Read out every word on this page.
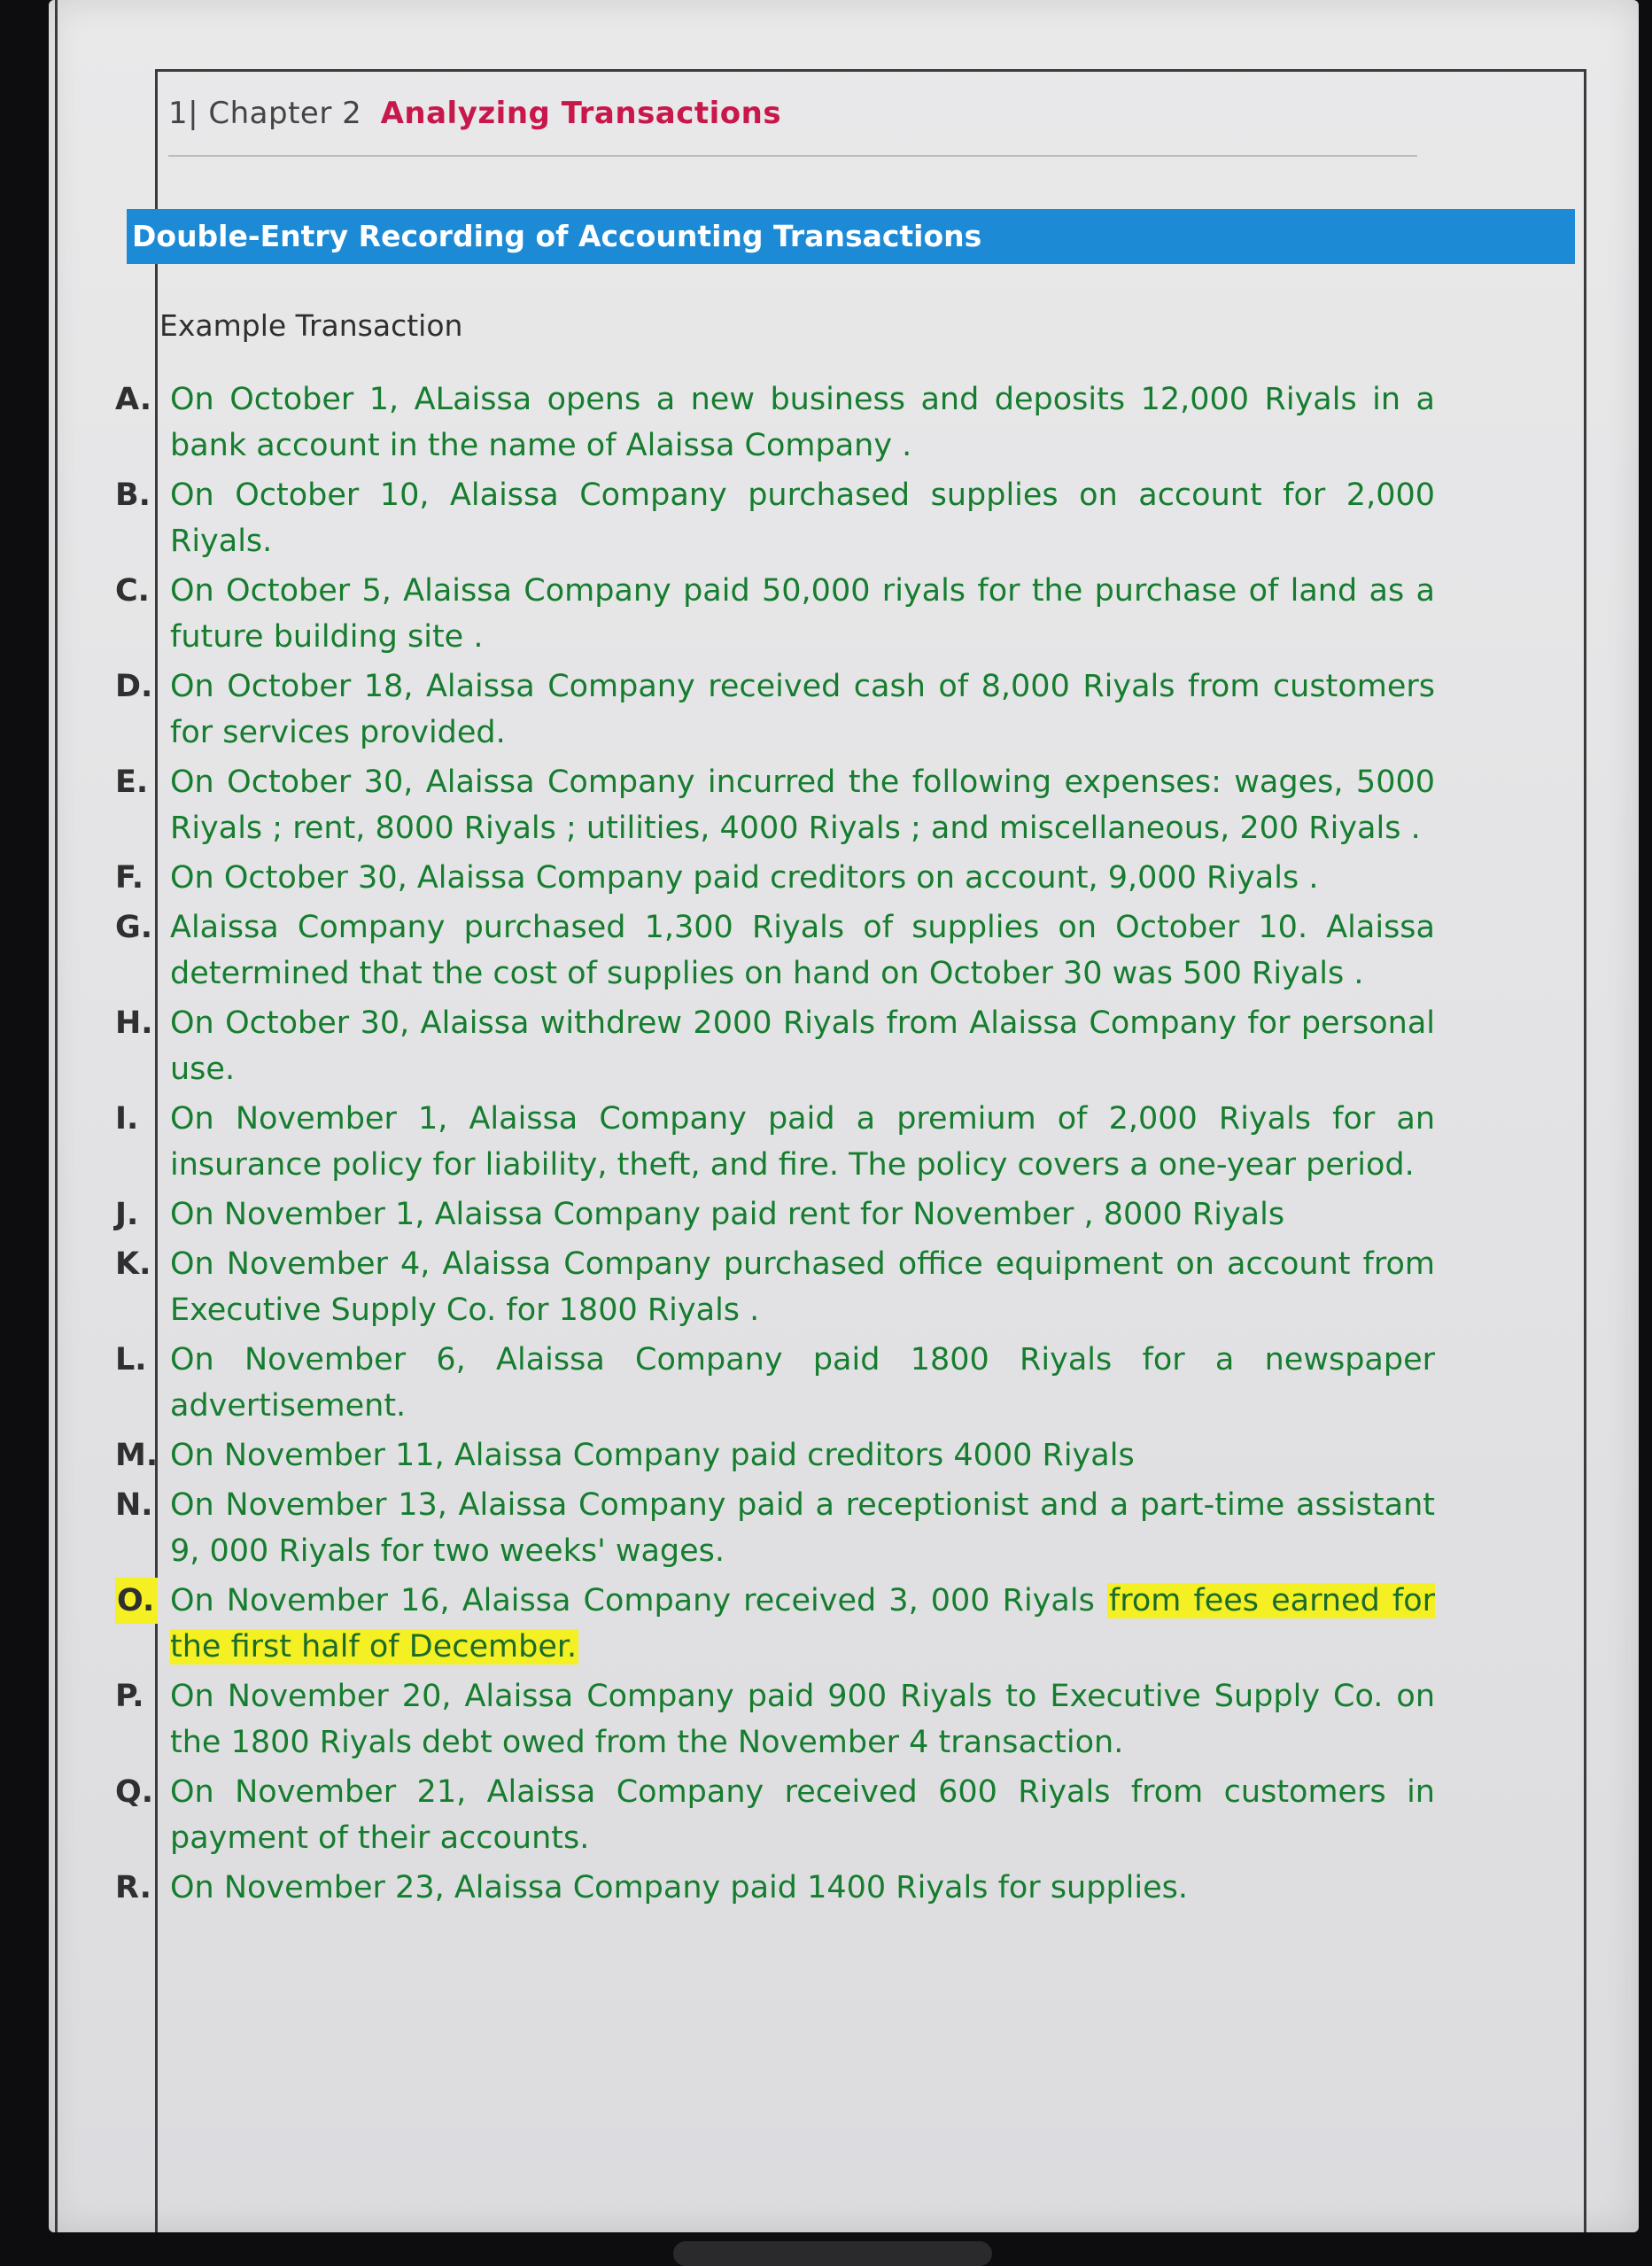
1| Chapter 2 Analyzing Transactions
Double-Entry Recording of Accounting Transactions
Example Transaction
A. On October 1, ALaissa opens a new business and deposits 12,000 Riyals in a bank account in the name of Alaissa Company .
B. On October 10, Alaissa Company purchased supplies on account for 2,000 Riyals.
C. On October 5, Alaissa Company paid 50,000 riyals for the purchase of land as a future building site .
D. On October 18, Alaissa Company received cash of 8,000 Riyals from customers for services provided.
E. On October 30, Alaissa Company incurred the following expenses: wages, 5000 Riyals ; rent, 8000 Riyals ; utilities, 4000 Riyals ; and miscellaneous, 200 Riyals .
F. On October 30, Alaissa Company paid creditors on account, 9,000 Riyals .
G. Alaissa Company purchased 1,300 Riyals of supplies on October 10. Alaissa determined that the cost of supplies on hand on October 30 was 500 Riyals .
H. On October 30, Alaissa withdrew 2000 Riyals from Alaissa Company for personal use.
I. On November 1, Alaissa Company paid a premium of 2,000 Riyals for an insurance policy for liability, theft, and fire. The policy covers a one-year period.
J. On November 1, Alaissa Company paid rent for November , 8000 Riyals
K. On November 4, Alaissa Company purchased office equipment on account from Executive Supply Co. for 1800 Riyals .
L. On November 6, Alaissa Company paid 1800 Riyals for a newspaper advertisement.
M. On November 11, Alaissa Company paid creditors 4000 Riyals
N. On November 13, Alaissa Company paid a receptionist and a part-time assistant 9, 000 Riyals for two weeks' wages.
O. On November 16, Alaissa Company received 3, 000 Riyals from fees earned for the first half of December.
P. On November 20, Alaissa Company paid 900 Riyals to Executive Supply Co. on the 1800 Riyals debt owed from the November 4 transaction.
Q. On November 21, Alaissa Company received 600 Riyals from customers in payment of their accounts.
R. On November 23, Alaissa Company paid 1400 Riyals for supplies.
